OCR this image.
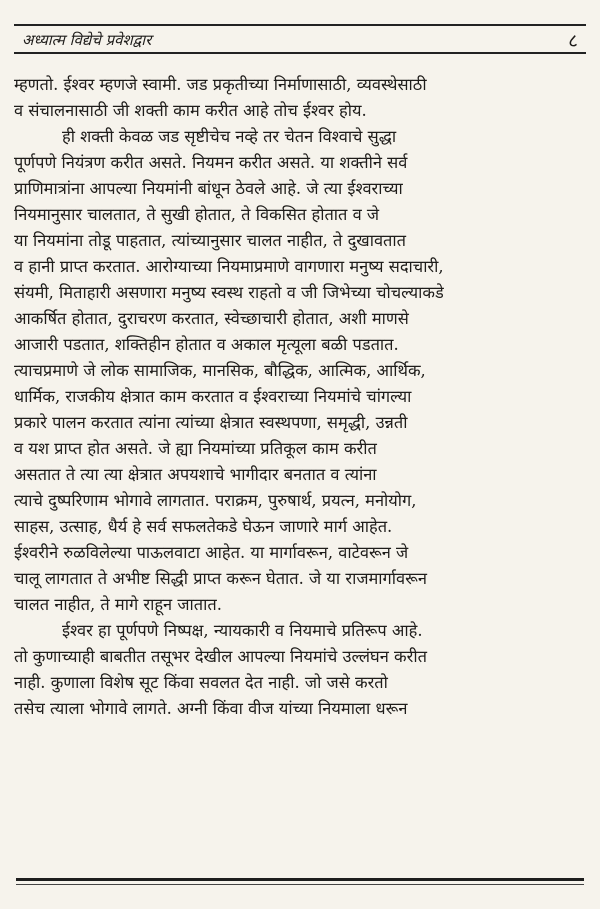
अध्यात्म विद्येचे प्रवेशद्वार	८
म्हणतो. ईश्वर म्हणजे स्वामी. जड प्रकृतीच्या निर्माणासाठी, व्यवस्थेसाठी
व संचालनासाठी जी शक्ती काम करीत आहे तोच ईश्वर होय.
ही शक्ती केवळ जड सृष्टीचेच नव्हे तर चेतन विश्वाचे सुद्धा
पूर्णपणे नियंत्रण करीत असते. नियमन करीत असते. या शक्तीने सर्व
प्राणिमात्रांना आपल्या नियमांनी बांधून ठेवले आहे. जे त्या ईश्वराच्या
नियमानुसार चालतात, ते सुखी होतात, ते विकसित होतात व जे
या नियमांना तोडू पाहतात, त्यांच्यानुसार चालत नाहीत, ते दुखावतात
व हानी प्राप्त करतात. आरोग्याच्या नियमाप्रमाणे वागणारा मनुष्य सदाचारी,
संयमी, मिताहारी असणारा मनुष्य स्वस्थ राहतो व जी जिभेच्या चोचल्याकडे
आकर्षित होतात, दुराचरण करतात, स्वेच्छाचारी होतात, अशी माणसे
आजारी पडतात, शक्तिहीन होतात व अकाल मृत्यूला बळी पडतात.
त्याचप्रमाणे जे लोक सामाजिक, मानसिक, बौद्धिक, आत्मिक, आर्थिक,
धार्मिक, राजकीय क्षेत्रात काम करतात व ईश्वराच्या नियमांचे चांगल्या
प्रकारे पालन करतात त्यांना त्यांच्या क्षेत्रात स्वस्थपणा, समृद्धी, उन्नती
व यश प्राप्त होत असते. जे ह्या नियमांच्या प्रतिकूल काम करीत
असतात ते त्या त्या क्षेत्रात अपयशाचे भागीदार बनतात व त्यांना
त्याचे दुष्परिणाम भोगावे लागतात. पराक्रम, पुरुषार्थ, प्रयत्न, मनोयोग,
साहस, उत्साह, धैर्य हे सर्व सफलतेकडे घेऊन जाणारे मार्ग आहेत.
ईश्वरीने रुळविलेल्या पाऊलवाटा आहेत. या मार्गावरून, वाटेवरून जे
चालू लागतात ते अभीष्ट सिद्धी प्राप्त करून घेतात. जे या राजमार्गावरून
चालत नाहीत, ते मागे राहून जातात.
ईश्वर हा पूर्णपणे निष्पक्ष, न्यायकारी व नियमाचे प्रतिरूप आहे.
तो कुणाच्याही बाबतीत तसूभर देखील आपल्या नियमांचे उल्लंघन करीत
नाही. कुणाला विशेष सूट किंवा सवलत देत नाही. जो जसे करतो
तसेच त्याला भोगावे लागते. अग्नी किंवा वीज यांच्या नियमाला धरून
